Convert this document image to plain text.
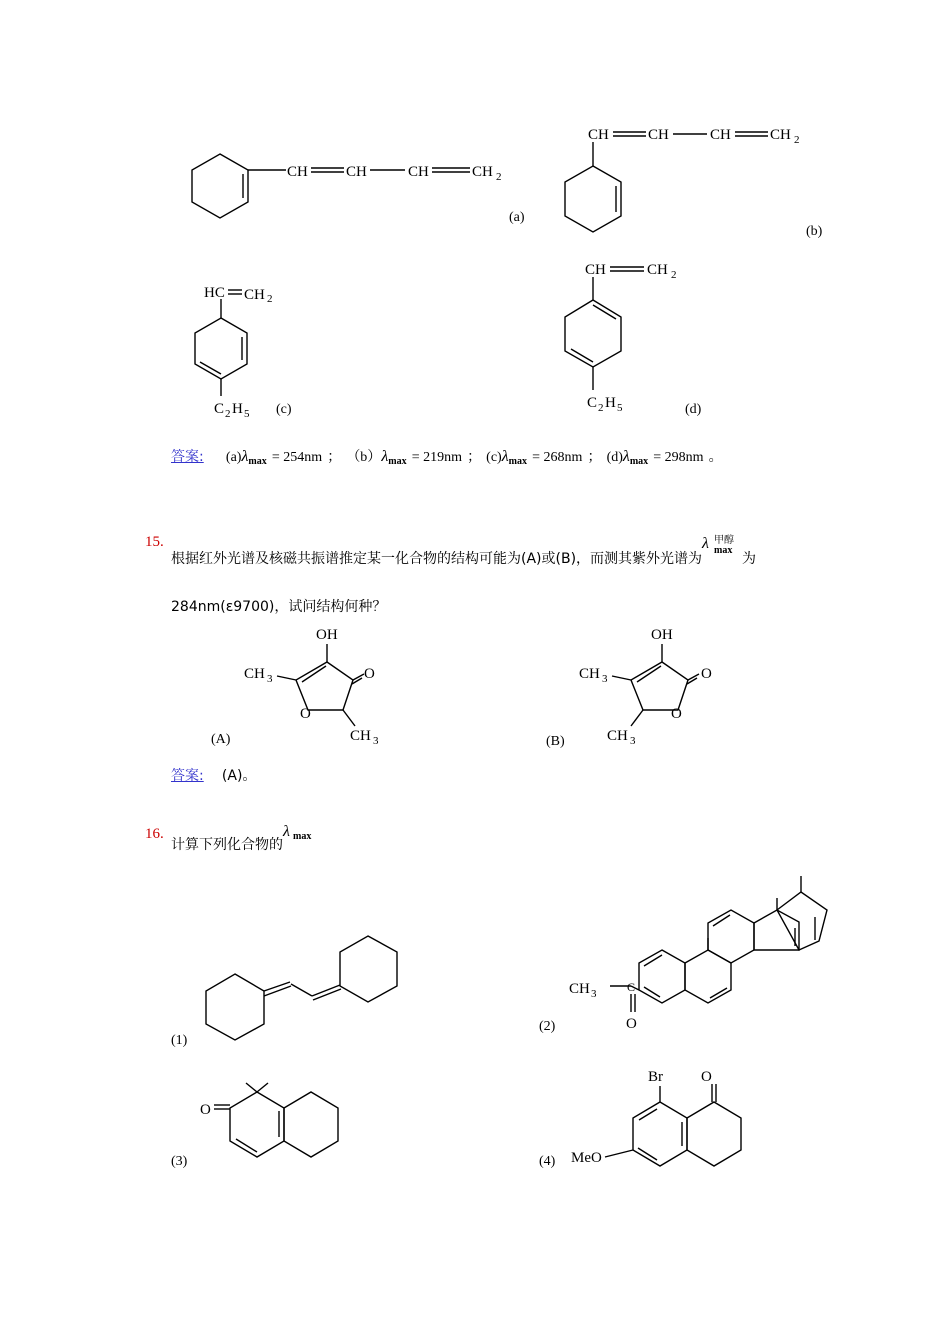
CH	CH	CH	CH 2
(a)
CH	CH	CH	CH 2
(b)
HC CH 2
C 2 H 5 (c)
CH	CH 2
C 2 H 5	(d)
答案: $(a)\lambda_{max} = 254nm$ ； $(b)\lambda_{max} = 219nm$ ； $(c)\lambda_{max} = 268nm$ ； $(d)\lambda_{max} = 298nm$ 。
15.
根据红外光谱及核磁共振谱推定某一化合物的结构可能为(A)或(B)，而测其紫外光谱为
λ 甲醇
max
为
284nm(ε9700)，试问结构何种？
OH
O
CH 3
O
CH 3
(A)
OH
O
CH 3
O
CH 3
(B)
答案: (A)。
16.
计算下列化合物的
λ max
(1)
CH 3	C
O
(2)
O
(3)
Br	O
MeO
(4)
